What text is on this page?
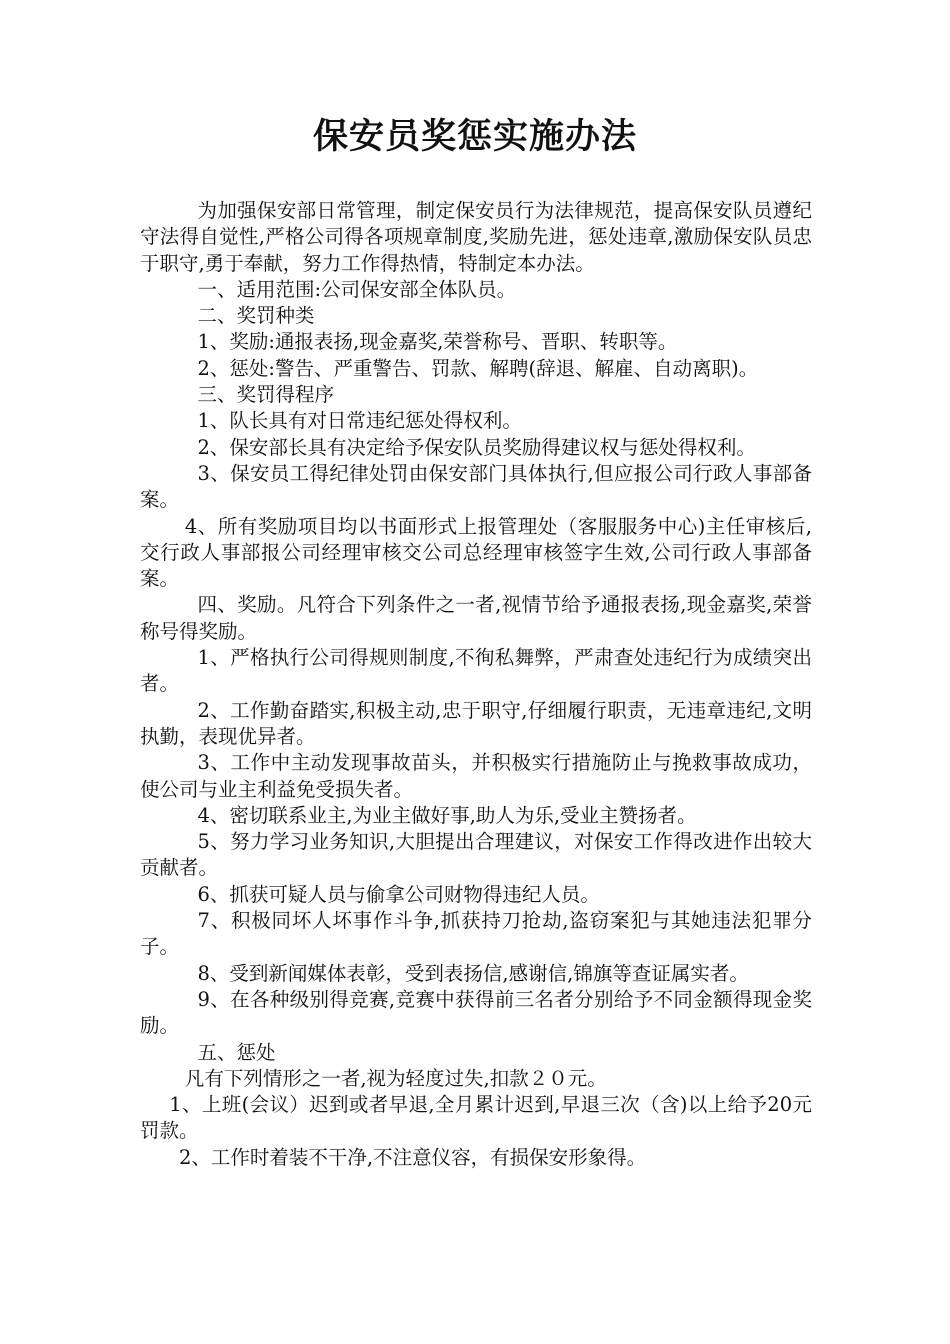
保安员奖惩实施办法

为加强保安部日常管理，制定保安员行为法律规范，提高保安队员遵纪守法得自觉性,严格公司得各项规章制度,奖励先进，惩处违章,激励保安队员忠于职守,勇于奉献，努力工作得热情，特制定本办法。

一、适用范围:公司保安部全体队员。

二、奖罚种类

1、奖励:通报表扬,现金嘉奖,荣誉称号、晋职、转职等。

2、惩处:警告、严重警告、罚款、解聘(辞退、解雇、自动离职)。

三、奖罚得程序

1、队长具有对日常违纪惩处得权利。

2、保安部长具有决定给予保安队员奖励得建议权与惩处得权利。

3、保安员工得纪律处罚由保安部门具体执行,但应报公司行政人事部备案。

4、所有奖励项目均以书面形式上报管理处（客服服务中心)主任审核后,交行政人事部报公司经理审核交公司总经理审核签字生效,公司行政人事部备案。

四、奖励。凡符合下列条件之一者,视情节给予通报表扬,现金嘉奖,荣誉称号得奖励。

1、严格执行公司得规则制度,不徇私舞弊，严肃查处违纪行为成绩突出者。

2、工作勤奋踏实,积极主动,忠于职守,仔细履行职责，无违章违纪,文明执勤，表现优异者。

3、工作中主动发现事故苗头，并积极实行措施防止与挽救事故成功，使公司与业主利益免受损失者。

4、密切联系业主,为业主做好事,助人为乐,受业主赞扬者。

5、努力学习业务知识,大胆提出合理建议，对保安工作得改进作出较大贡献者。

6、抓获可疑人员与偷拿公司财物得违纪人员。

7、积极同坏人坏事作斗争,抓获持刀抢劫,盗窃案犯与其她违法犯罪分子。

8、受到新闻媒体表彰，受到表扬信,感谢信,锦旗等查证属实者。

9、在各种级别得竞赛,竞赛中获得前三名者分别给予不同金额得现金奖励。

五、惩处

凡有下列情形之一者,视为轻度过失,扣款２０元。

1、上班(会议）迟到或者早退,全月累计迟到,早退三次（含)以上给予20元罚款。

2、工作时着装不干净,不注意仪容，有损保安形象得。
